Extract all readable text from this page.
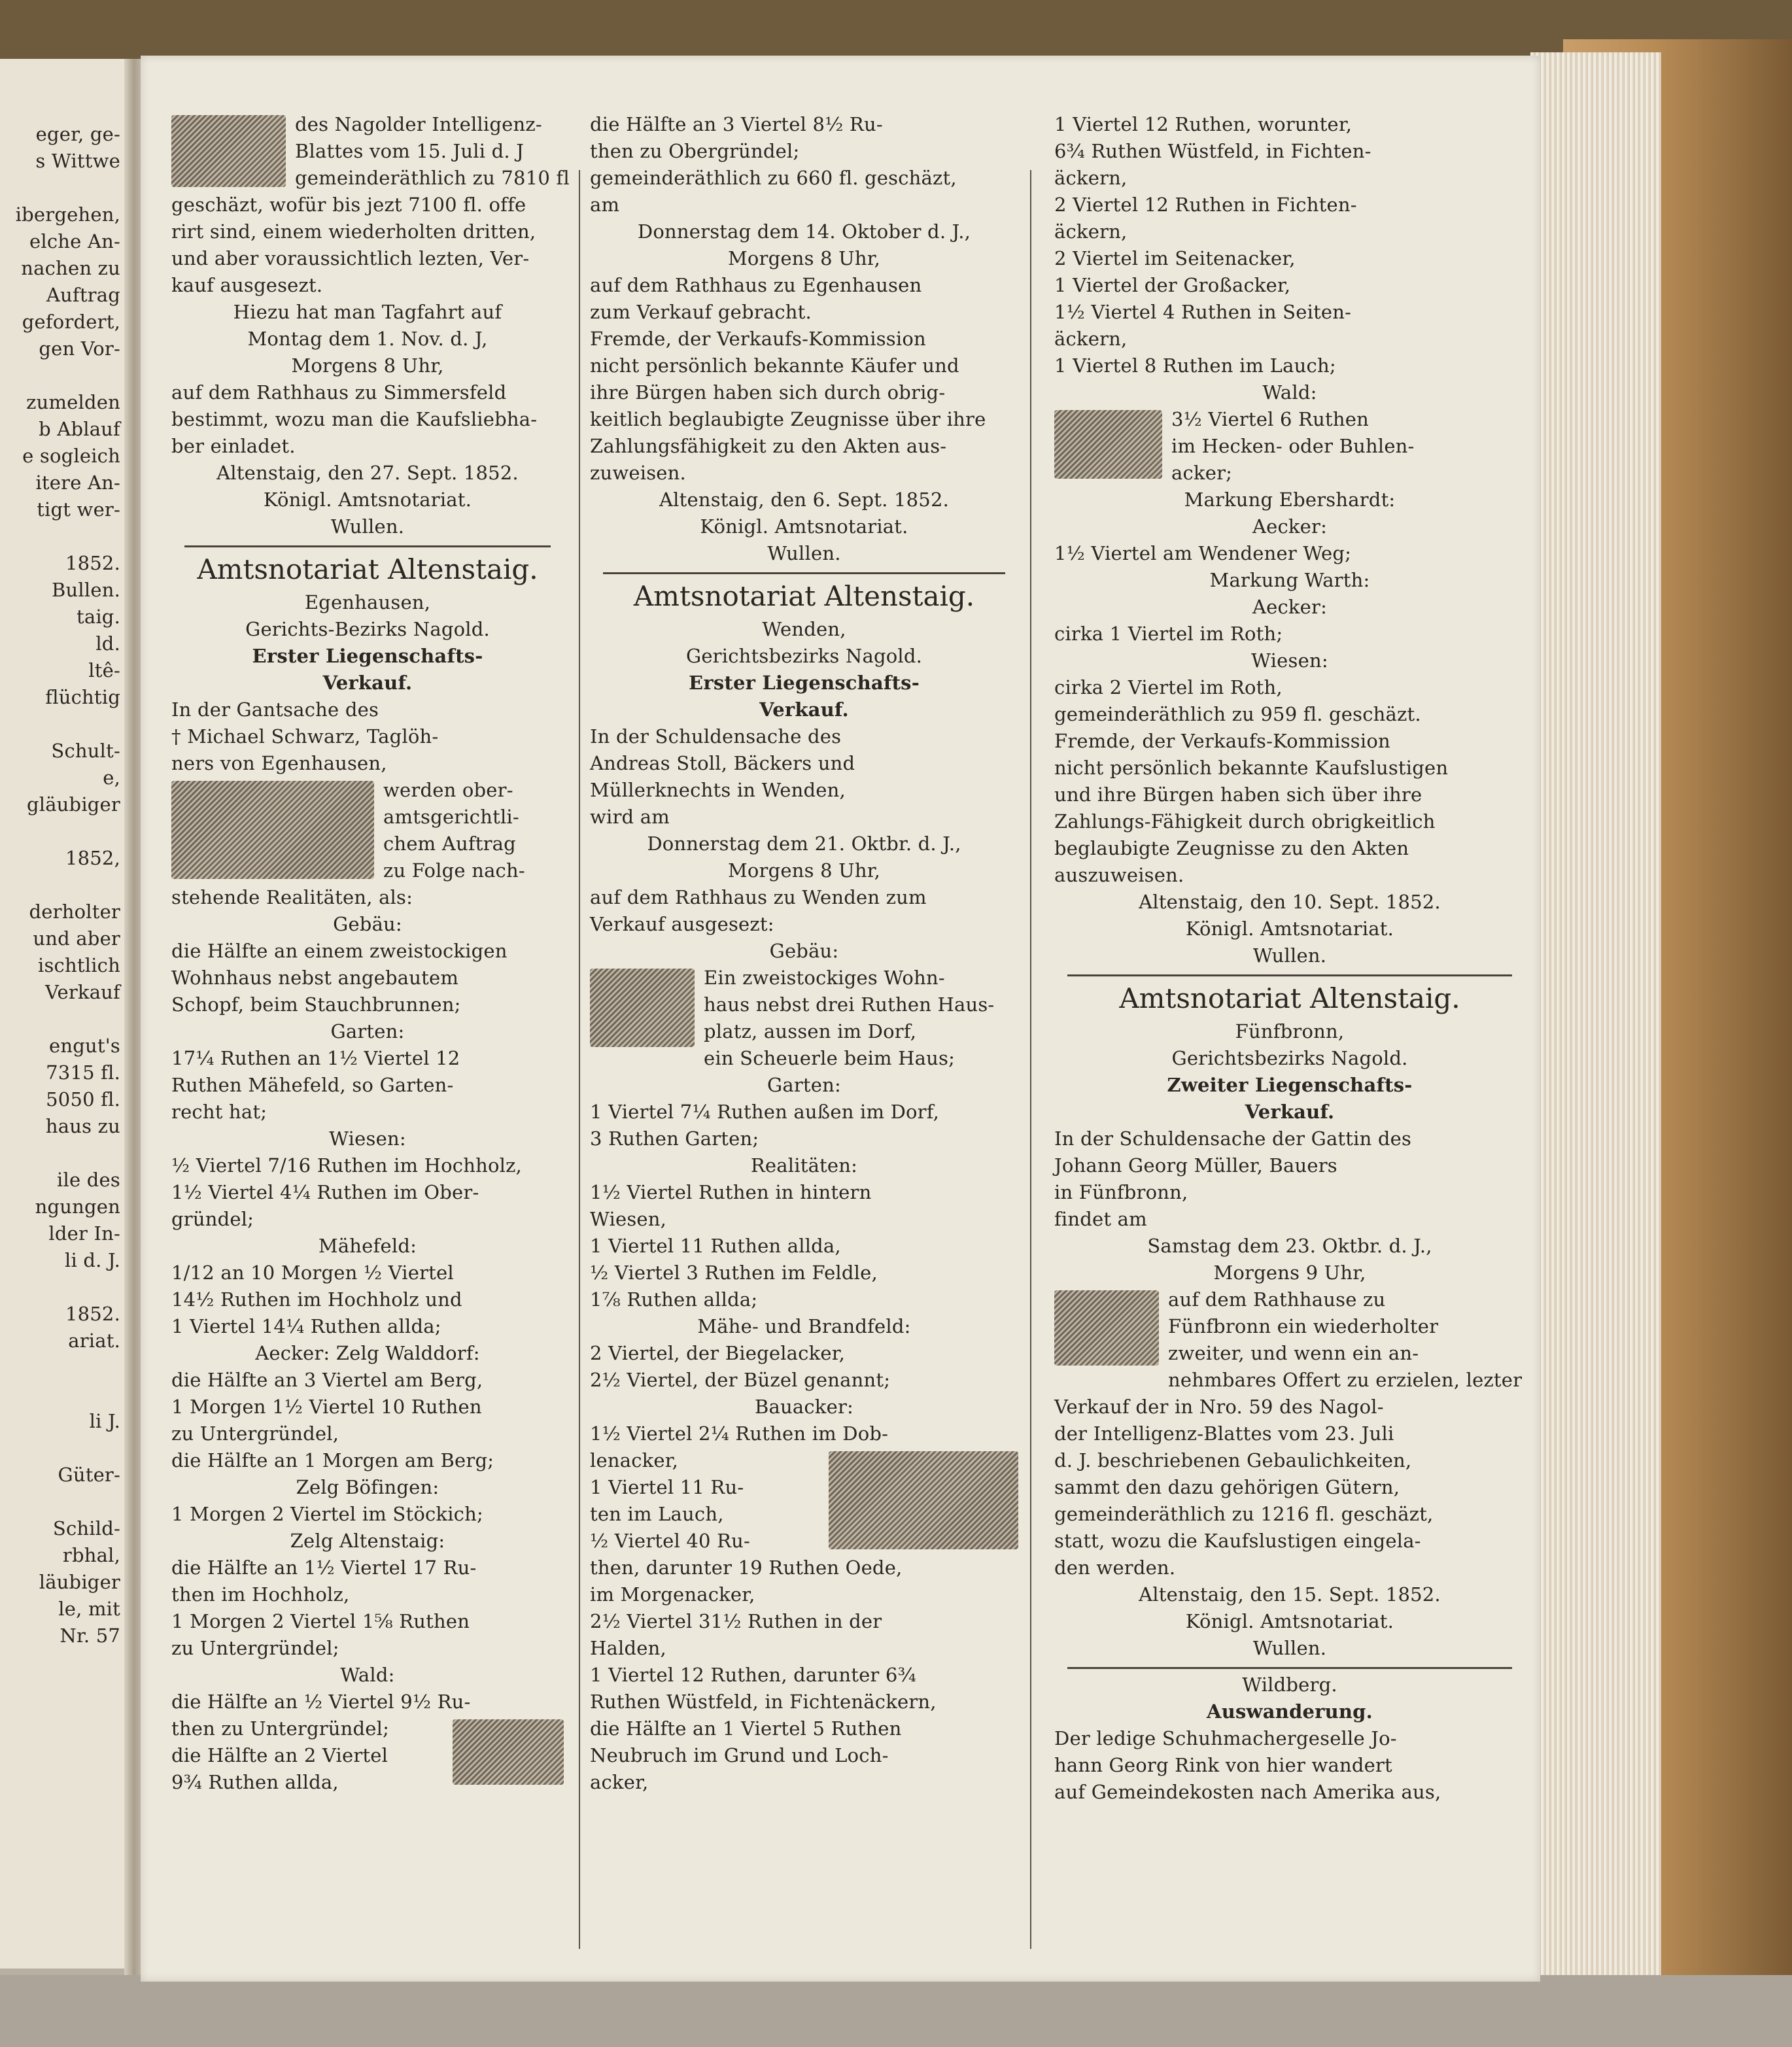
eger, ge-

s Wittwe

ibergehen,

elche An-

nachen zu

Auftrag

gefordert,

gen Vor-

zumelden

b Ablauf

e sogleich

itere An-

tigt wer-

1852.

Bullen.

taig.

ld.

ltê-

flüchtig

Schult-

e,

gläubiger

1852,

derholter

und aber

ischtlich

Verkauf

engut's

7315 fl.

5050 fl.

haus zu

ile des

ngungen

lder In-

li d. J.

1852.

ariat.

li J.

Güter-

Schild-

rbhal,

läubiger

le, mit

Nr. 57

des Nagolder Intelligenz-

Blattes vom 15. Juli d. J

gemeinderäthlich zu 7810 fl

geschäzt, wofür bis jezt 7100 fl. offe

rirt sind, einem wiederholten dritten,

und aber voraussichtlich lezten, Ver-

kauf ausgesezt.

Hiezu hat man Tagfahrt auf

Montag dem 1. Nov. d. J,

Morgens 8 Uhr,

auf dem Rathhaus zu Simmersfeld

bestimmt, wozu man die Kaufsliebha-

ber einladet.

Altenstaig, den 27. Sept. 1852.

Königl. Amtsnotariat.

Wullen.

Amtsnotariat Altenstaig.

Egenhausen,

Gerichts-Bezirks Nagold.

Erster Liegenschafts-

Verkauf.

In der Gantsache des

† Michael Schwarz, Taglöh-

ners von Egenhausen,

werden ober-

amtsgerichtli-

chem Auftrag

zu Folge nach-

stehende Realitäten, als:

Gebäu:

die Hälfte an einem zweistockigen

Wohnhaus nebst angebautem

Schopf, beim Stauchbrunnen;

Garten:

17¼ Ruthen an 1½ Viertel 12

Ruthen Mähefeld, so Garten-

recht hat;

Wiesen:

½ Viertel 7/16 Ruthen im Hochholz,

1½ Viertel 4¼ Ruthen im Ober-

gründel;

Mähefeld:

1/12 an 10 Morgen ½ Viertel

14½ Ruthen im Hochholz und

1 Viertel 14¼ Ruthen allda;

Aecker: Zelg Walddorf:

die Hälfte an 3 Viertel am Berg,

1 Morgen 1½ Viertel 10 Ruthen

zu Untergründel,

die Hälfte an 1 Morgen am Berg;

Zelg Böfingen:

1 Morgen 2 Viertel im Stöckich;

Zelg Altenstaig:

die Hälfte an 1½ Viertel 17 Ru-

then im Hochholz,

1 Morgen 2 Viertel 1⅝ Ruthen

zu Untergründel;

Wald:

die Hälfte an ½ Viertel 9½ Ru-

then zu Untergründel;

die Hälfte an 2 Viertel

9¾ Ruthen allda,

die Hälfte an 3 Viertel 8½ Ru-

then zu Obergründel;

gemeinderäthlich zu 660 fl. geschäzt,

am

Donnerstag dem 14. Oktober d. J.,

Morgens 8 Uhr,

auf dem Rathhaus zu Egenhausen

zum Verkauf gebracht.

Fremde, der Verkaufs-Kommission

nicht persönlich bekannte Käufer und

ihre Bürgen haben sich durch obrig-

keitlich beglaubigte Zeugnisse über ihre

Zahlungsfähigkeit zu den Akten aus-

zuweisen.

Altenstaig, den 6. Sept. 1852.

Königl. Amtsnotariat.

Wullen.

Amtsnotariat Altenstaig.

Wenden,

Gerichtsbezirks Nagold.

Erster Liegenschafts-

Verkauf.

In der Schuldensache des

Andreas Stoll, Bäckers und

Müllerknechts in Wenden,

wird am

Donnerstag dem 21. Oktbr. d. J.,

Morgens 8 Uhr,

auf dem Rathhaus zu Wenden zum

Verkauf ausgesezt:

Gebäu:

Ein zweistockiges Wohn-

haus nebst drei Ruthen Haus-

platz, aussen im Dorf,

ein Scheuerle beim Haus;

Garten:

1 Viertel 7¼ Ruthen außen im Dorf,

3 Ruthen Garten;

Realitäten:

1½ Viertel Ruthen in hintern

Wiesen,

1 Viertel 11 Ruthen allda,

½ Viertel 3 Ruthen im Feldle,

1⅞ Ruthen allda;

Mähe- und Brandfeld:

2 Viertel, der Biegelacker,

2½ Viertel, der Büzel genannt;

Bauacker:

1½ Viertel 2¼ Ruthen im Dob-

lenacker,

1 Viertel 11 Ru-

ten im Lauch,

½ Viertel 40 Ru-

then, darunter 19 Ruthen Oede,

im Morgenacker,

2½ Viertel 31½ Ruthen in der

Halden,

1 Viertel 12 Ruthen, darunter 6¾

Ruthen Wüstfeld, in Fichtenäckern,

die Hälfte an 1 Viertel 5 Ruthen

Neubruch im Grund und Loch-

acker,

1 Viertel 12 Ruthen, worunter,

6¾ Ruthen Wüstfeld, in Fichten-

äckern,

2 Viertel 12 Ruthen in Fichten-

äckern,

2 Viertel im Seitenacker,

1 Viertel der Großacker,

1½ Viertel 4 Ruthen in Seiten-

äckern,

1 Viertel 8 Ruthen im Lauch;

Wald:

3½ Viertel 6 Ruthen

im Hecken- oder Buhlen-

acker;

Markung Ebershardt:

Aecker:

1½ Viertel am Wendener Weg;

Markung Warth:

Aecker:

cirka 1 Viertel im Roth;

Wiesen:

cirka 2 Viertel im Roth,

gemeinderäthlich zu 959 fl. geschäzt.

Fremde, der Verkaufs-Kommission

nicht persönlich bekannte Kaufslustigen

und ihre Bürgen haben sich über ihre

Zahlungs-Fähigkeit durch obrigkeitlich

beglaubigte Zeugnisse zu den Akten

auszuweisen.

Altenstaig, den 10. Sept. 1852.

Königl. Amtsnotariat.

Wullen.

Amtsnotariat Altenstaig.

Fünfbronn,

Gerichtsbezirks Nagold.

Zweiter Liegenschafts-

Verkauf.

In der Schuldensache der Gattin des

Johann Georg Müller, Bauers

in Fünfbronn,

findet am

Samstag dem 23. Oktbr. d. J.,

Morgens 9 Uhr,

auf dem Rathhause zu

Fünfbronn ein wiederholter

zweiter, und wenn ein an-

nehmbares Offert zu erzielen, lezter

Verkauf der in Nro. 59 des Nagol-

der Intelligenz-Blattes vom 23. Juli

d. J. beschriebenen Gebaulichkeiten,

sammt den dazu gehörigen Gütern,

gemeinderäthlich zu 1216 fl. geschäzt,

statt, wozu die Kaufslustigen eingela-

den werden.

Altenstaig, den 15. Sept. 1852.

Königl. Amtsnotariat.

Wullen.

Wildberg.

Auswanderung.

Der ledige Schuhmachergeselle Jo-

hann Georg Rink von hier wandert

auf Gemeindekosten nach Amerika aus,
